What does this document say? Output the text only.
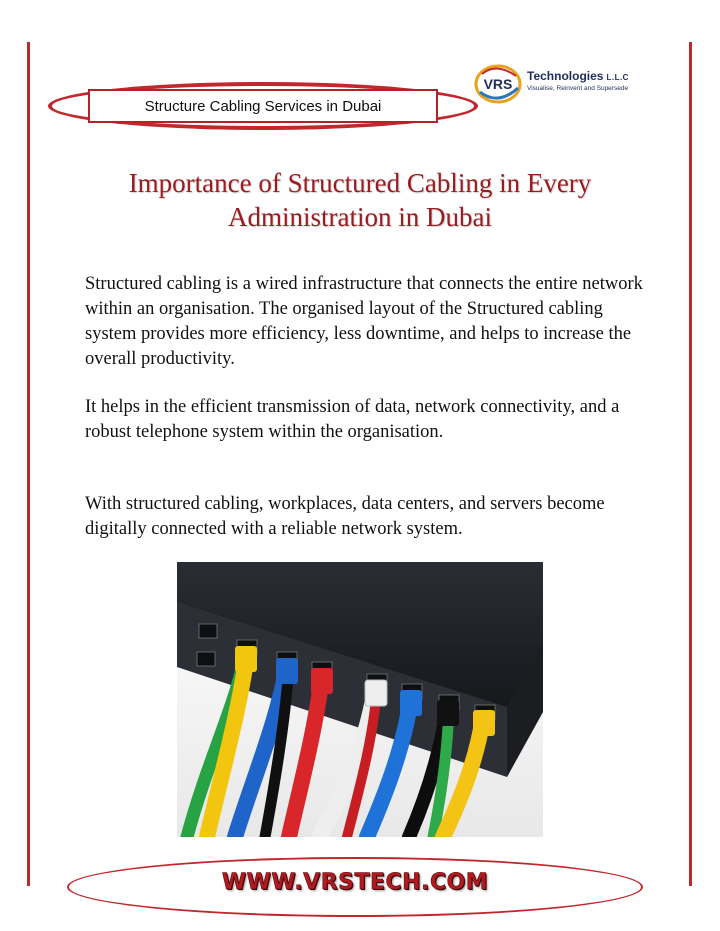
Structure Cabling Services in Dubai
VRS Technologies L.L.C
Visualise, Reinvent and Supersede
Importance of Structured Cabling in Every Administration in Dubai

Structured cabling is a wired infrastructure that connects the entire network within an organisation. The organised layout of the Structured cabling system provides more efficiency, less downtime, and helps to increase the overall productivity.

It helps in the efficient transmission of data, network connectivity, and a robust telephone system within the organisation.

With structured cabling, workplaces, data centers, and servers become digitally connected with a reliable network system.

WWW.VRSTECH.COM
